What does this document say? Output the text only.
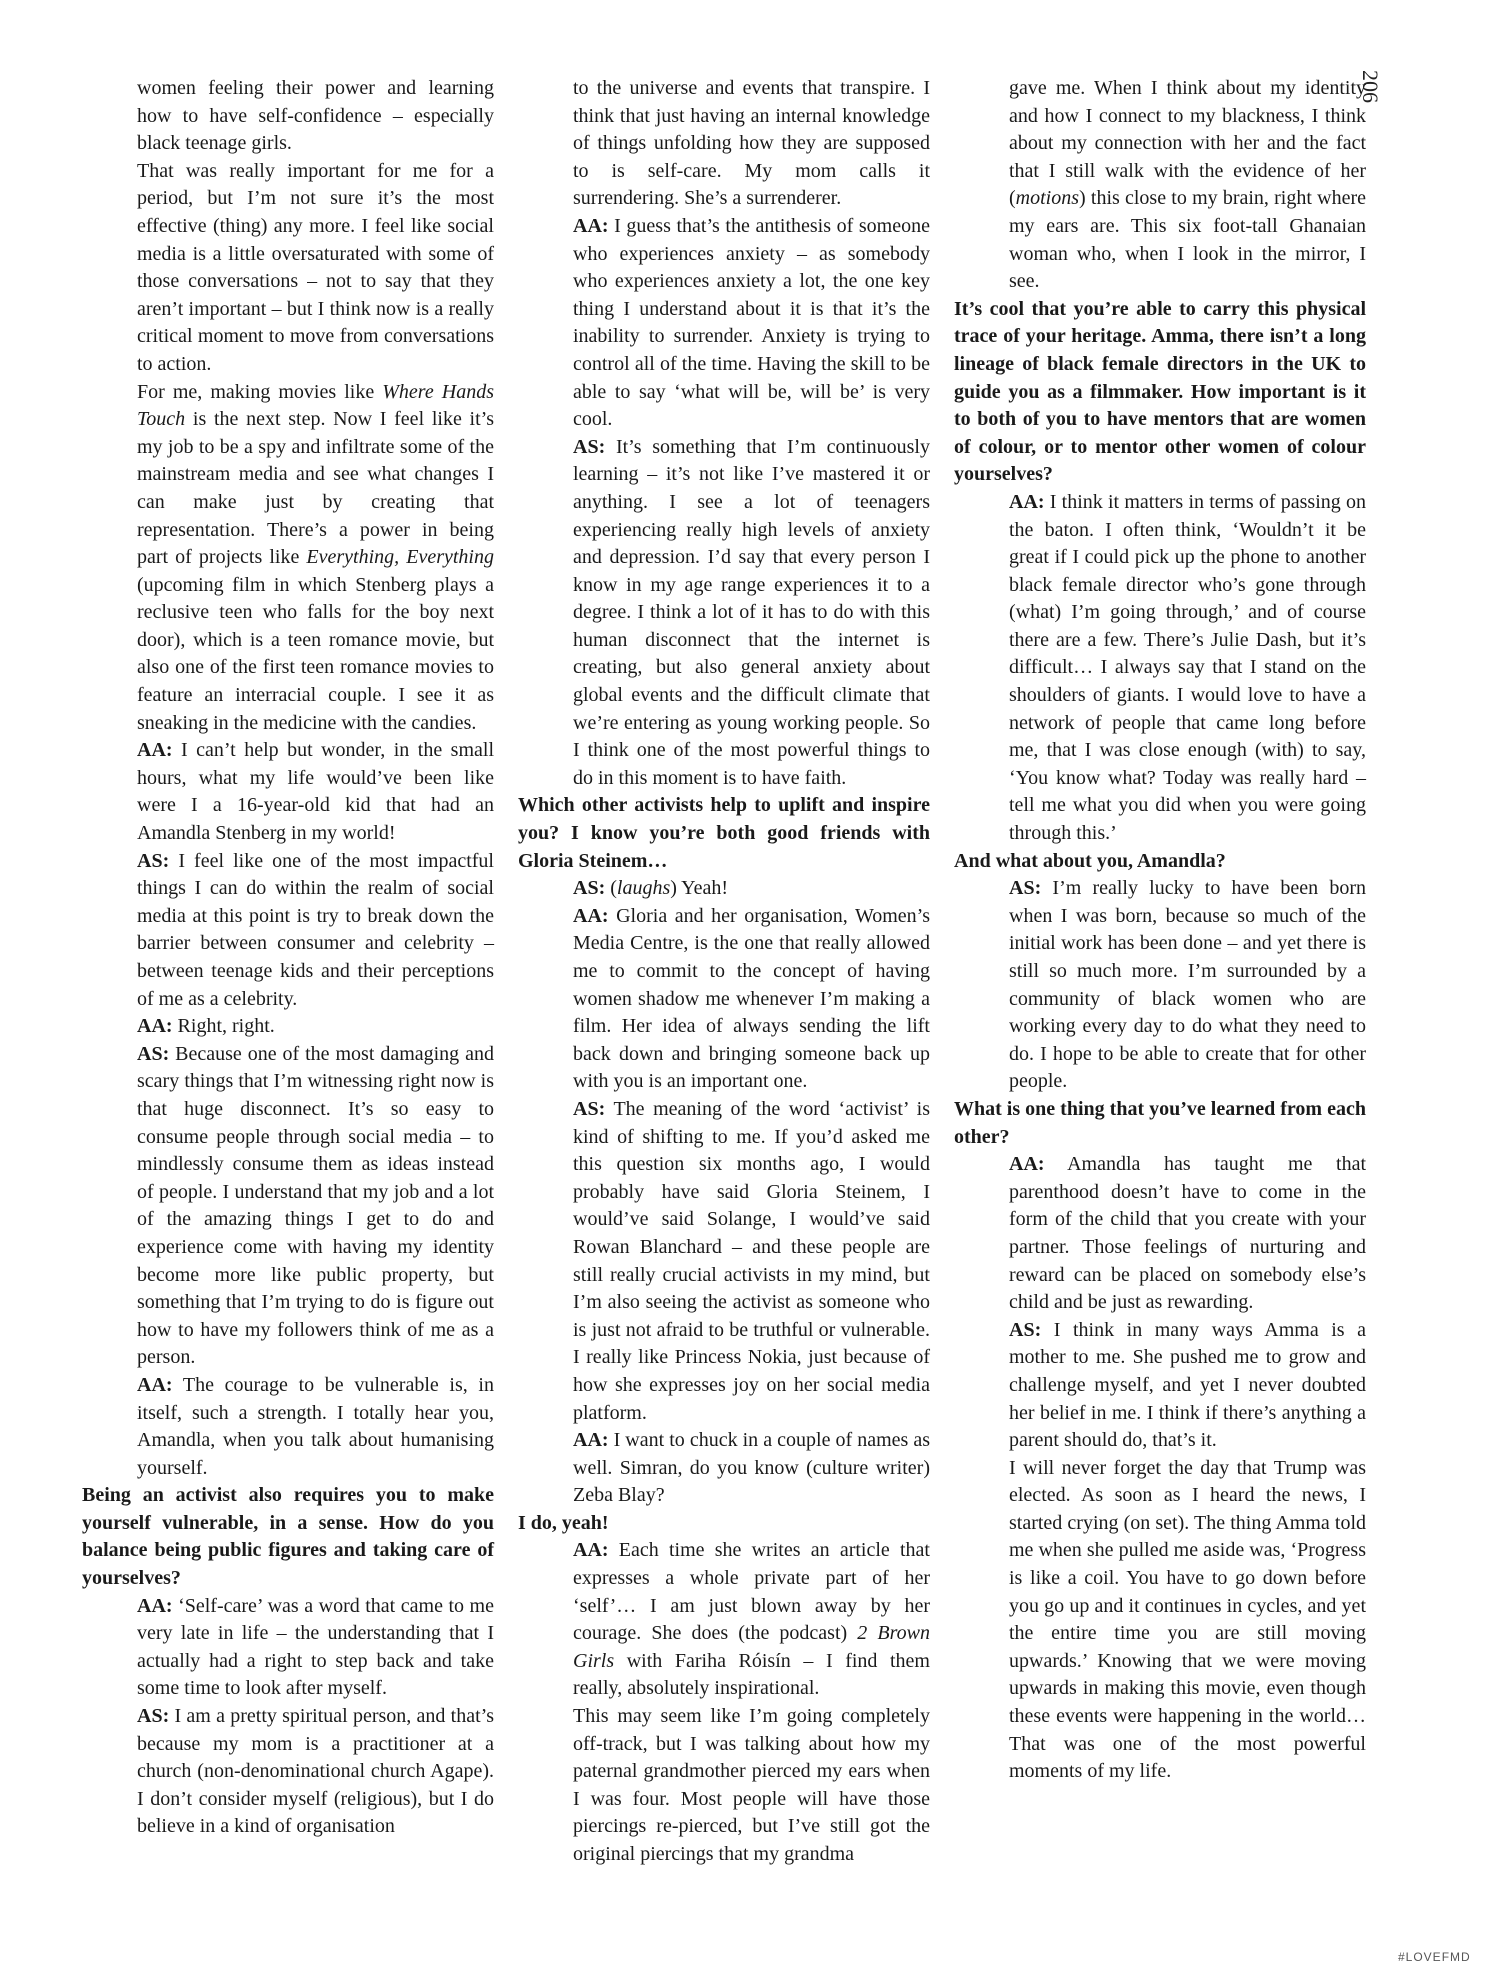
206

women feeling their power and learning how to have self-confidence – especially black teenage girls.

That was really important for me for a period, but I’m not sure it’s the most effective (thing) any more. I feel like social media is a little oversaturated with some of those conversations – not to say that they aren’t important – but I think now is a really critical moment to move from conversations to action.

For me, making movies like Where Hands Touch is the next step. Now I feel like it’s my job to be a spy and infiltrate some of the mainstream media and see what changes I can make just by creating that representation. There’s a power in being part of projects like Everything, Everything (upcoming film in which Stenberg plays a reclusive teen who falls for the boy next door), which is a teen romance movie, but also one of the first teen romance movies to feature an interracial couple. I see it as sneaking in the medicine with the candies.

AA: I can’t help but wonder, in the small hours, what my life would’ve been like were I a 16-year-old kid that had an Amandla Stenberg in my world!

AS: I feel like one of the most impactful things I can do within the realm of social media at this point is try to break down the barrier between consumer and celebrity – between teenage kids and their perceptions of me as a celebrity.

AA: Right, right.

AS: Because one of the most damaging and scary things that I’m witnessing right now is that huge disconnect. It’s so easy to consume people through social media – to mindlessly consume them as ideas instead of people. I understand that my job and a lot of the amazing things I get to do and experience come with having my identity become more like public property, but something that I’m trying to do is figure out how to have my followers think of me as a person.

AA: The courage to be vulnerable is, in itself, such a strength. I totally hear you, Amandla, when you talk about humanising yourself.

Being an activist also requires you to make yourself vulnerable, in a sense. How do you balance being public figures and taking care of yourselves?

AA: ‘Self-care’ was a word that came to me very late in life – the understanding that I actually had a right to step back and take some time to look after myself.

AS: I am a pretty spiritual person, and that’s because my mom is a practitioner at a church (non-denominational church Agape). I don’t consider myself (religious), but I do believe in a kind of organisation

to the universe and events that transpire. I think that just having an internal knowledge of things unfolding how they are supposed to is self-care. My mom calls it surrendering. She’s a surrenderer.

AA: I guess that’s the antithesis of someone who experiences anxiety – as somebody who experiences anxiety a lot, the one key thing I understand about it is that it’s the inability to surrender. Anxiety is trying to control all of the time. Having the skill to be able to say ‘what will be, will be’ is very cool.

AS: It’s something that I’m continuously learning – it’s not like I’ve mastered it or anything. I see a lot of teenagers experiencing really high levels of anxiety and depression. I’d say that every person I know in my age range experiences it to a degree. I think a lot of it has to do with this human disconnect that the internet is creating, but also general anxiety about global events and the difficult climate that we’re entering as young working people. So I think one of the most powerful things to do in this moment is to have faith.

Which other activists help to uplift and inspire you? I know you’re both good friends with Gloria Steinem…

AS: (laughs) Yeah!

AA: Gloria and her organisation, Women’s Media Centre, is the one that really allowed me to commit to the concept of having women shadow me whenever I’m making a film. Her idea of always sending the lift back down and bringing someone back up with you is an important one.

AS: The meaning of the word ‘activist’ is kind of shifting to me. If you’d asked me this question six months ago, I would probably have said Gloria Steinem, I would’ve said Solange, I would’ve said Rowan Blanchard – and these people are still really crucial activists in my mind, but I’m also seeing the activist as someone who is just not afraid to be truthful or vulnerable. I really like Princess Nokia, just because of how she expresses joy on her social media platform.

AA: I want to chuck in a couple of names as well. Simran, do you know (culture writer) Zeba Blay?

I do, yeah!

AA: Each time she writes an article that expresses a whole private part of her ‘self’… I am just blown away by her courage. She does (the podcast) 2 Brown Girls with Fariha Róisín – I find them really, absolutely inspirational.

This may seem like I’m going completely off-track, but I was talking about how my paternal grandmother pierced my ears when I was four. Most people will have those piercings re-pierced, but I’ve still got the original piercings that my grandma

gave me. When I think about my identity and how I connect to my blackness, I think about my connection with her and the fact that I still walk with the evidence of her (motions) this close to my brain, right where my ears are. This six foot-tall Ghanaian woman who, when I look in the mirror, I see.

It’s cool that you’re able to carry this physical trace of your heritage. Amma, there isn’t a long lineage of black female directors in the UK to guide you as a filmmaker. How important is it to both of you to have mentors that are women of colour, or to mentor other women of colour yourselves?

AA: I think it matters in terms of passing on the baton. I often think, ‘Wouldn’t it be great if I could pick up the phone to another black female director who’s gone through (what) I’m going through,’ and of course there are a few. There’s Julie Dash, but it’s difficult… I always say that I stand on the shoulders of giants. I would love to have a network of people that came long before me, that I was close enough (with) to say, ‘You know what? Today was really hard – tell me what you did when you were going through this.’

And what about you, Amandla?

AS: I’m really lucky to have been born when I was born, because so much of the initial work has been done – and yet there is still so much more. I’m surrounded by a community of black women who are working every day to do what they need to do. I hope to be able to create that for other people.

What is one thing that you’ve learned from each other?

AA: Amandla has taught me that parenthood doesn’t have to come in the form of the child that you create with your partner. Those feelings of nurturing and reward can be placed on somebody else’s child and be just as rewarding.

AS: I think in many ways Amma is a mother to me. She pushed me to grow and challenge myself, and yet I never doubted her belief in me. I think if there’s anything a parent should do, that’s it.

I will never forget the day that Trump was elected. As soon as I heard the news, I started crying (on set). The thing Amma told me when she pulled me aside was, ‘Progress is like a coil. You have to go down before you go up and it continues in cycles, and yet the entire time you are still moving upwards.’ Knowing that we were moving upwards in making this movie, even though these events were happening in the world… That was one of the most powerful moments of my life.

#LOVEFMD
